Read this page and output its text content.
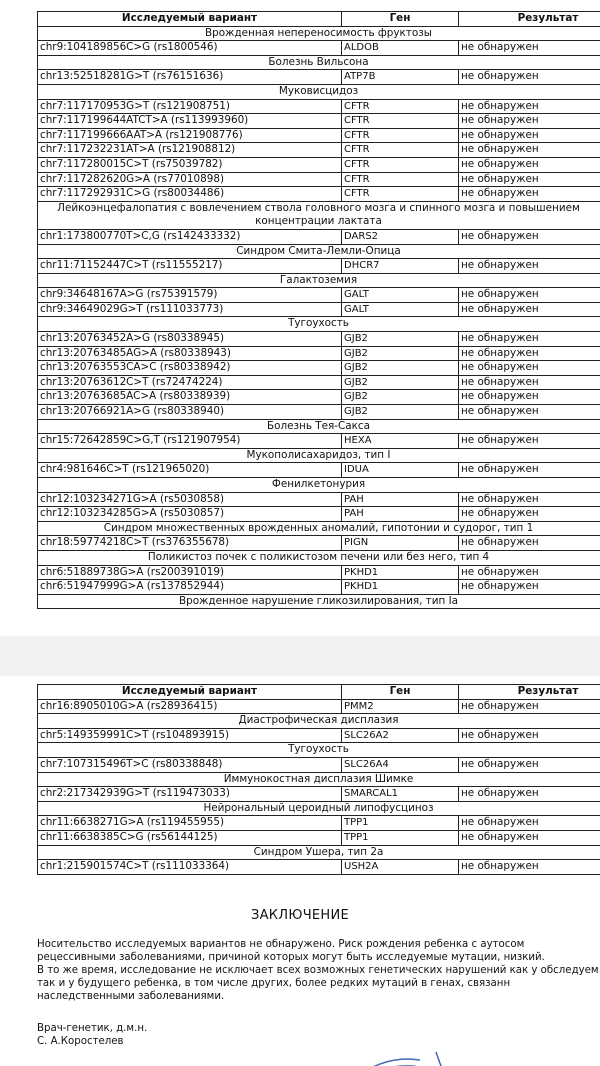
Исследуемый вариант	Ген	Результат
Врожденная непереносимость фруктозы		
chr9:104189856C>G (rs1800546)	ALDOB	не обнаружен
Болезнь Вильсона		
chr13:52518281G>T (rs76151636)	ATP7B	не обнаружен
Муковисцидоз		
chr7:117170953G>T (rs121908751)	CFTR	не обнаружен
chr7:117199644ATCT>A (rs113993960)	CFTR	не обнаружен
chr7:117199666AAT>A (rs121908776)	CFTR	не обнаружен
chr7:117232231AT>A (rs121908812)	CFTR	не обнаружен
chr7:117280015C>T (rs75039782)	CFTR	не обнаружен
chr7:117282620G>A (rs77010898)	CFTR	не обнаружен
chr7:117292931C>G (rs80034486)	CFTR	не обнаружен
Лейкоэнцефалопатия с вовлечением ствола головного мозга и спинного мозга и повышением концентрации лактата		
chr1:173800770T>C,G (rs142433332)	DARS2	не обнаружен
Синдром Смита-Лемли-Опица		
chr11:71152447C>T (rs11555217)	DHCR7	не обнаружен
Галактоземия		
chr9:34648167A>G (rs75391579)	GALT	не обнаружен
chr9:34649029G>T (rs111033773)	GALT	не обнаружен
Тугоухость		
chr13:20763452A>G (rs80338945)	GJB2	не обнаружен
chr13:20763485AG>A (rs80338943)	GJB2	не обнаружен
chr13:20763553CA>C (rs80338942)	GJB2	не обнаружен
chr13:20763612C>T (rs72474224)	GJB2	не обнаружен
chr13:20763685AC>A (rs80338939)	GJB2	не обнаружен
chr13:20766921A>G (rs80338940)	GJB2	не обнаружен
Болезнь Тея-Сакса		
chr15:72642859C>G,T (rs121907954)	HEXA	не обнаружен
Мукополисахаридоз, тип I		
chr4:981646C>T (rs121965020)	IDUA	не обнаружен
Фенилкетонурия		
chr12:103234271G>A (rs5030858)	PAH	не обнаружен
chr12:103234285G>A (rs5030857)	PAH	не обнаружен
Синдром множественных врожденных аномалий, гипотонии и судорог, тип 1		
chr18:59774218C>T (rs376355678)	PIGN	не обнаружен
Поликистоз почек с поликистозом печени или без него, тип 4		
chr6:51889738G>A (rs200391019)	PKHD1	не обнаружен
chr6:51947999G>A (rs137852944)	PKHD1	не обнаружен
Врожденное нарушение гликозилирования, тип Ia		
Исследуемый вариант	Ген	Результат
chr16:8905010G>A (rs28936415)	PMM2	не обнаружен
Диастрофическая дисплазия		
chr5:149359991C>T (rs104893915)	SLC26A2	не обнаружен
Тугоухость		
chr7:107315496T>C (rs80338848)	SLC26A4	не обнаружен
Иммунокостная дисплазия Шимке		
chr2:217342939G>T (rs119473033)	SMARCAL1	не обнаружен
Нейрональный цероидный липофусциноз		
chr11:6638271G>A (rs119455955)	TPP1	не обнаружен
chr11:6638385C>G (rs56144125)	TPP1	не обнаружен
Синдром Ушера, тип 2a		
chr1:215901574C>T (rs111033364)	USH2A	не обнаружен
ЗАКЛЮЧЕНИЕ
Носительство исследуемых вариантов не обнаружено. Риск рождения ребенка с аутосом
рецессивными заболеваниями, причиной которых могут быть исследуемые мутации, низкий.
В то же время, исследование не исключает всех возможных генетических нарушений как у обследуем
так и у будущего ребенка, в том числе других, более редких мутаций в генах, связанн
наследственными заболеваниями.
Врач-генетик, д.м.н.
С. А.Коростелев
